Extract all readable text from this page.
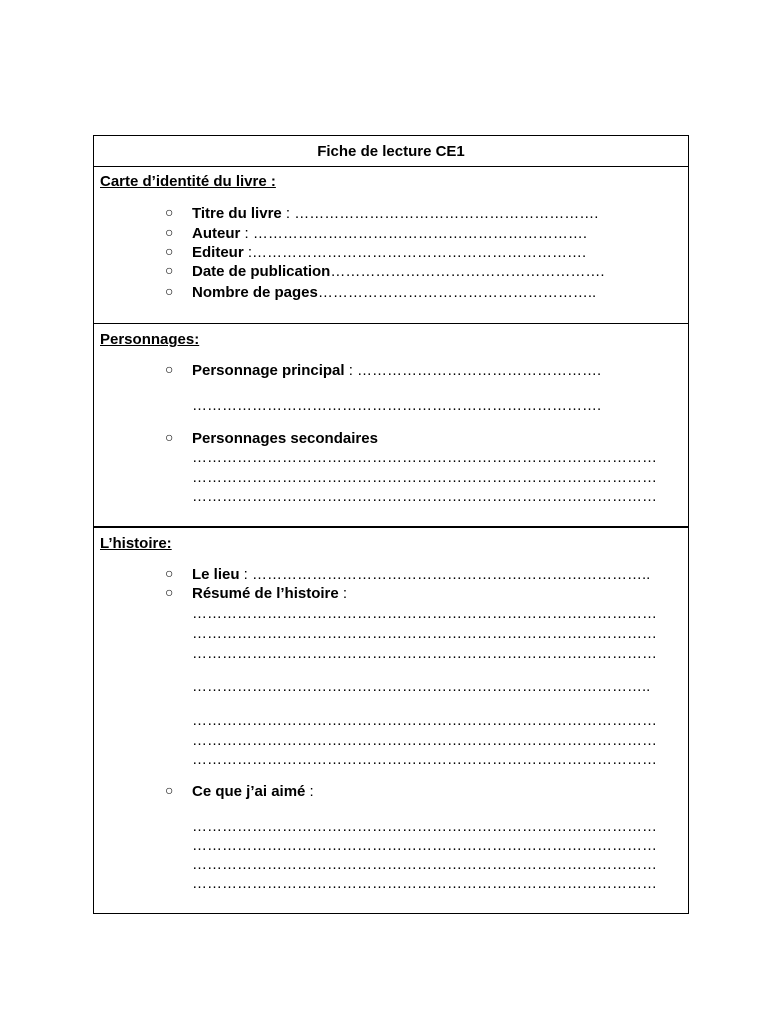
Fiche de lecture CE1
Carte d’identité du livre :
○ Titre du livre : …………………………………………………….
○ Auteur : ………………………………………………………….
○ Editeur :………………………………………………………….
○ Date de publication……………………………………………….
○ Nombre de pages………………………………………………..
Personnages:
○ Personnage principal : ………………………………………….
……………………………………………………………………….
○ Personnages secondaires
…………………………………………………………………………………
…………………………………………………………………………………
…………………………………………………………………………………
L’histoire:
○ Le lieu : ……………………………………………………………………..
○ Résumé de l’histoire :
…………………………………………………………………………………
…………………………………………………………………………………
…………………………………………………………………………………
………………………………………………………………………………..
…………………………………………………………………………………
…………………………………………………………………………………
…………………………………………………………………………………
○ Ce que j’ai aimé :
…………………………………………………………………………………
…………………………………………………………………………………
…………………………………………………………………………………
…………………………………………………………………………………
